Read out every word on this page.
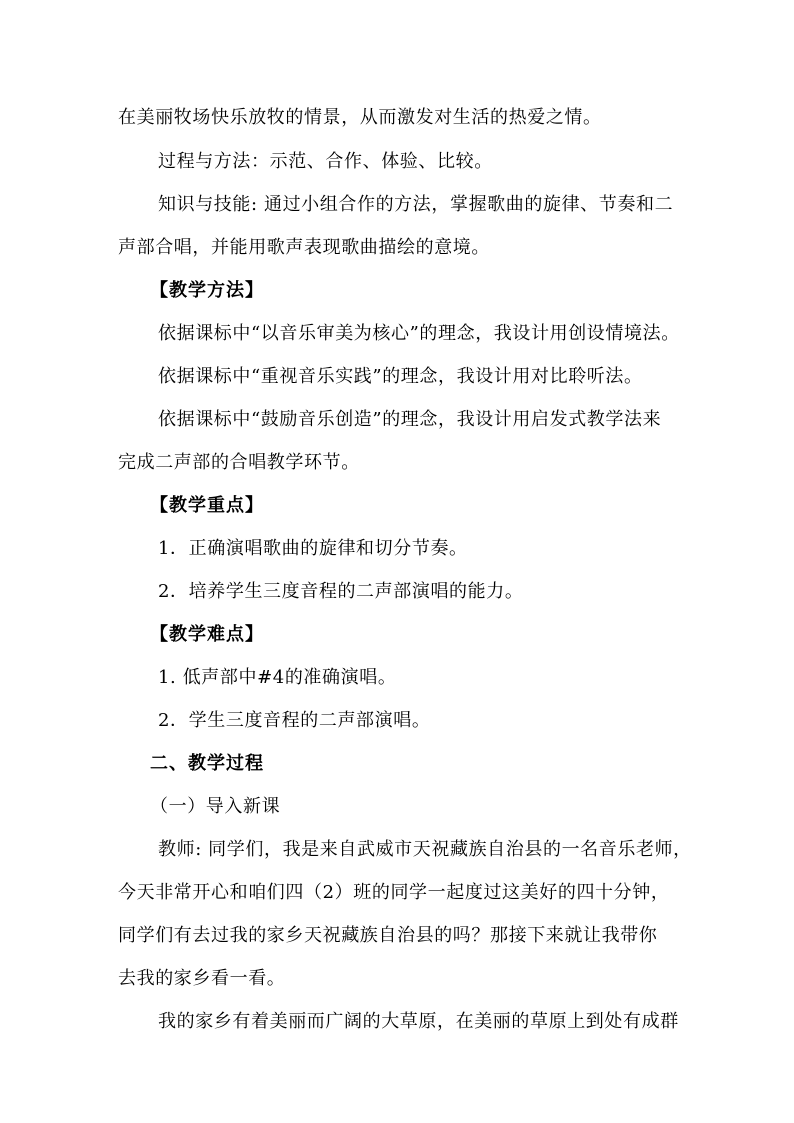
在美丽牧场快乐放牧的情景，从而激发对生活的热爱之情。
过程与方法：示范、合作、体验、比较。
知识与技能: 通过小组合作的方法，掌握歌曲的旋律、节奏和二
声部合唱，并能用歌声表现歌曲描绘的意境。
【教学方法】
依据课标中“以音乐审美为核心”的理念，我设计用创设情境法。
依据课标中“重视音乐实践”的理念，我设计用对比聆听法。
依据课标中“鼓励音乐创造”的理念，我设计用启发式教学法来
完成二声部的合唱教学环节。
【教学重点】
1．正确演唱歌曲的旋律和切分节奏。
2．培养学生三度音程的二声部演唱的能力。
【教学难点】
1. 低声部中#4的准确演唱。
2．学生三度音程的二声部演唱。
二、教学过程
（一）导入新课
教师: 同学们，我是来自武威市天祝藏族自治县的一名音乐老师，
今天非常开心和咱们四（2）班的同学一起度过这美好的四十分钟，
同学们有去过我的家乡天祝藏族自治县的吗？那接下来就让我带你
去我的家乡看一看。
我的家乡有着美丽而广阔的大草原，在美丽的草原上到处有成群
